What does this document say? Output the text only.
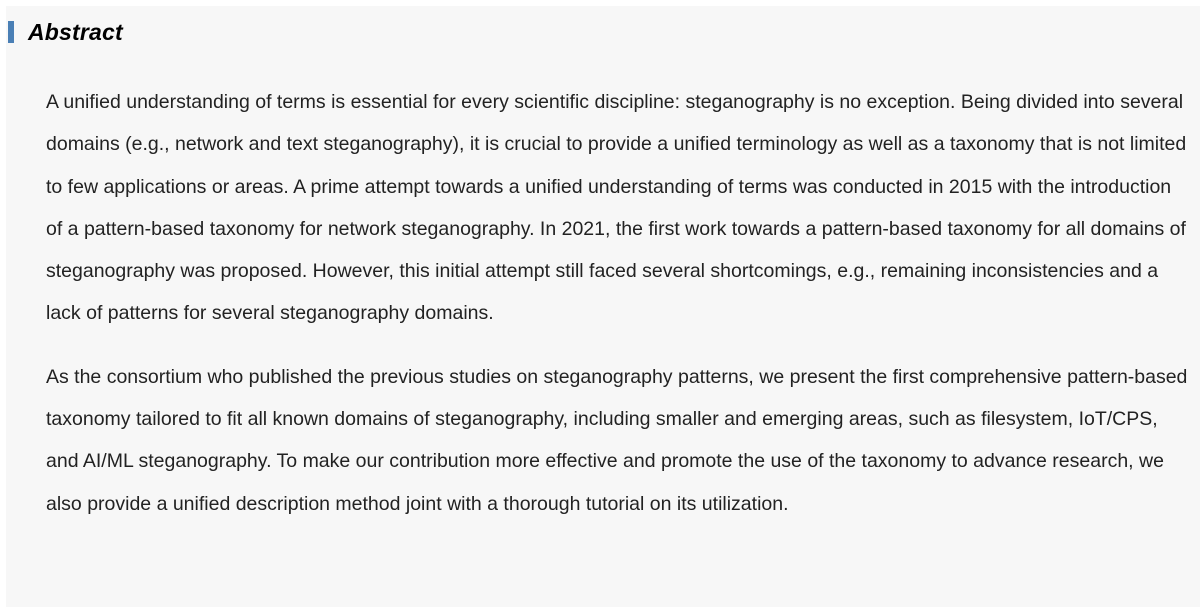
Abstract

A unified understanding of terms is essential for every scientific discipline: steganography is no exception. Being divided into several domains (e.g., network and text steganography), it is crucial to provide a unified terminology as well as a taxonomy that is not limited to few applications or areas. A prime attempt towards a unified understanding of terms was conducted in 2015 with the introduction of a pattern-based taxonomy for network steganography. In 2021, the first work towards a pattern-based taxonomy for all domains of steganography was proposed. However, this initial attempt still faced several shortcomings, e.g., remaining inconsistencies and a lack of patterns for several steganography domains.

As the consortium who published the previous studies on steganography patterns, we present the first comprehensive pattern-based taxonomy tailored to fit all known domains of steganography, including smaller and emerging areas, such as filesystem, IoT/CPS, and AI/ML steganography. To make our contribution more effective and promote the use of the taxonomy to advance research, we also provide a unified description method joint with a thorough tutorial on its utilization.
